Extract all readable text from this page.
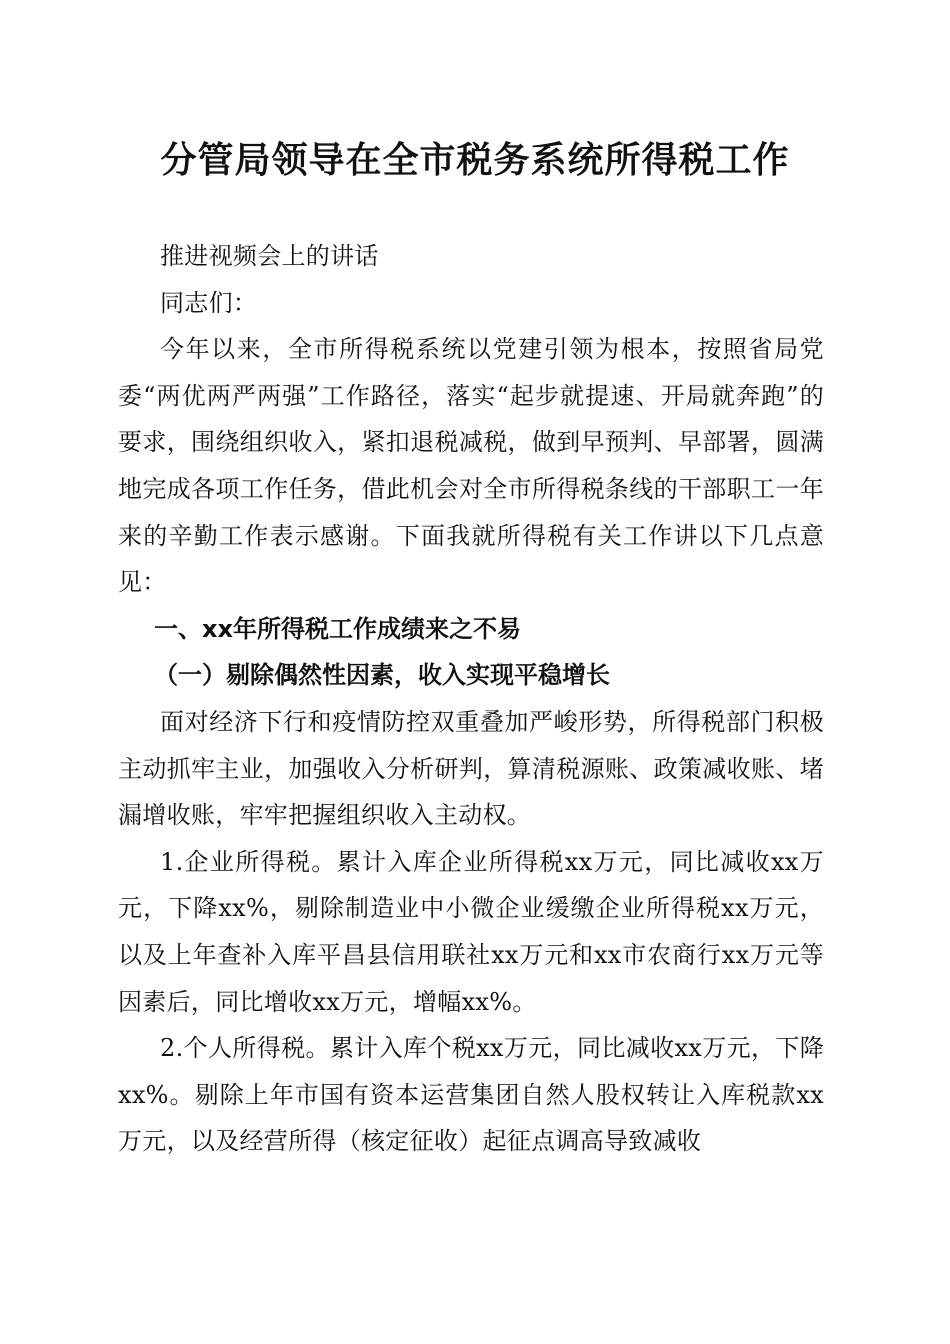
分管局领导在全市税务系统所得税工作

推进视频会上的讲话

同志们：

今年以来，全市所得税系统以党建引领为根本，按照省局党委“两优两严两强”工作路径，落实“起步就提速、开局就奔跑”的要求，围绕组织收入，紧扣退税减税，做到早预判、早部署，圆满地完成各项工作任务，借此机会对全市所得税条线的干部职工一年来的辛勤工作表示感谢。下面我就所得税有关工作讲以下几点意见：

一、xx年所得税工作成绩来之不易

（一）剔除偶然性因素，收入实现平稳增长

面对经济下行和疫情防控双重叠加严峻形势，所得税部门积极主动抓牢主业，加强收入分析研判，算清税源账、政策减收账、堵漏增收账，牢牢把握组织收入主动权。

1.企业所得税。累计入库企业所得税xx万元，同比减收xx万元，下降xx%，剔除制造业中小微企业缓缴企业所得税xx万元，以及上年查补入库平昌县信用联社xx万元和xx市农商行xx万元等因素后，同比增收xx万元，增幅xx%。

2.个人所得税。累计入库个税xx万元，同比减收xx万元，下降xx%。剔除上年市国有资本运营集团自然人股权转让入库税款xx万元，以及经营所得（核定征收）起征点调高导致减收
